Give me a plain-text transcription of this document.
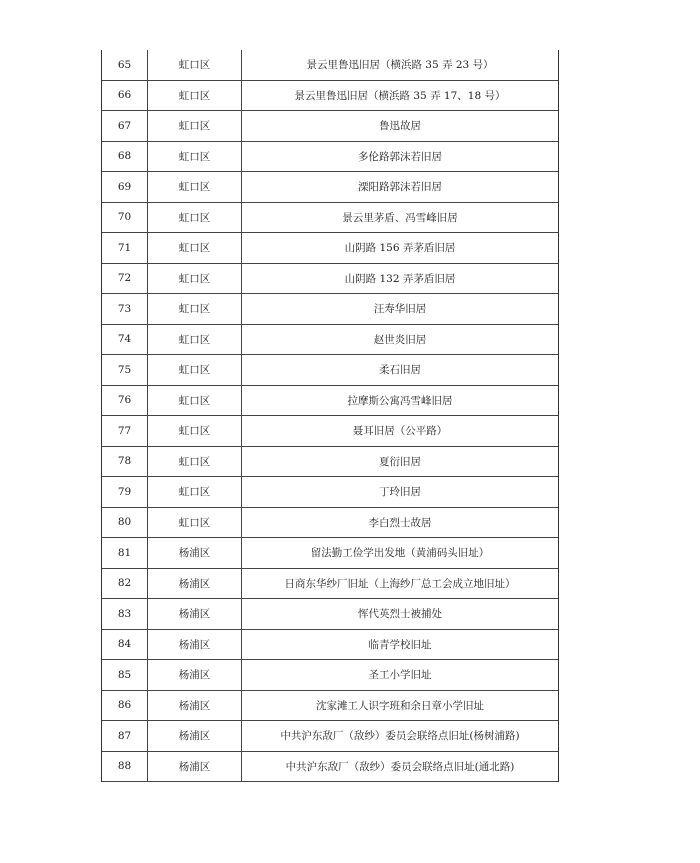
65	虹口区	景云里鲁迅旧居（横浜路 35 弄 23 号）
66	虹口区	景云里鲁迅旧居（横浜路 35 弄 17、18 号）
67	虹口区	鲁迅故居
68	虹口区	多伦路郭沫若旧居
69	虹口区	溧阳路郭沫若旧居
70	虹口区	景云里茅盾、冯雪峰旧居
71	虹口区	山阴路 156 弄茅盾旧居
72	虹口区	山阴路 132 弄茅盾旧居
73	虹口区	汪寿华旧居
74	虹口区	赵世炎旧居
75	虹口区	柔石旧居
76	虹口区	拉摩斯公寓冯雪峰旧居
77	虹口区	聂耳旧居（公平路）
78	虹口区	夏衍旧居
79	虹口区	丁玲旧居
80	虹口区	李白烈士故居
81	杨浦区	留法勤工俭学出发地（黄浦码头旧址）
82	杨浦区	日商东华纱厂旧址（上海纱厂总工会成立地旧址）
83	杨浦区	恽代英烈士被捕处
84	杨浦区	临青学校旧址
85	杨浦区	圣工小学旧址
86	杨浦区	沈家滩工人识字班和余日章小学旧址
87	杨浦区	中共沪东敌厂（敌纱）委员会联络点旧址(杨树浦路)
88	杨浦区	中共沪东敌厂（敌纱）委员会联络点旧址(通北路)
